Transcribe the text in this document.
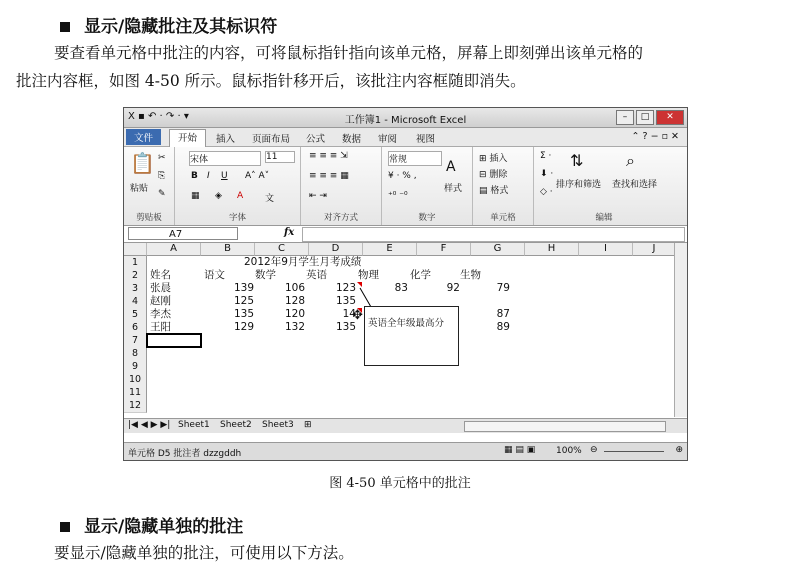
显示/隐藏批注及其标识符
要查看单元格中批注的内容，可将鼠标指针指向该单元格，屏幕上即刻弹出该单元格的
批注内容框，如图 4-50 所示。鼠标指针移开后，该批注内容框随即消失。
X ▪ ↶ · ↷ · ▾	工作簿1 - Microsoft Excel	–	□	✕
文件	开始	插入 页面布局 公式 数据 审阅 视图	⌃ ? − ▫ ✕
📋
粘贴
✂
⎘
✎
剪贴板
宋体	11
B I U A˄ A˅
▦ ◈ A 文
字体
≡ ≡ ≡ ⇲
≡ ≡ ≡ ▦
⇤ ⇥
对齐方式
常规
¥ · % ,
⁺⁰ ⁻⁰
A
样式
数字
⊞ 插入
⊟ 删除
▤ 格式
单元格
Σ ·
⬇ ·
◇ ·
⇅
排序和筛选
⌕
查找和选择
编辑
A7	fx
A	B	C	D	E	F	G	H	I	J
1
2
3
4
5
6
7
8
9
10
11
12
2012年9月学生月考成绩
姓名	语文	数学	英语	物理	化学	生物
张晨	139	106	123	83	92	79
赵刚	125	128	135
李杰	135	120	14	87
王阳	129	132	135	89
✥
英语全年级最高分
|◀ ◀ ▶ ▶| Sheet1 Sheet2 Sheet3 ⊞
单元格 D5 批注者 dzzgddh	▦ ▤ ▣ 100% ⊖	⊕
图 4-50 单元格中的批注
显示/隐藏单独的批注
要显示/隐藏单独的批注，可使用以下方法。
